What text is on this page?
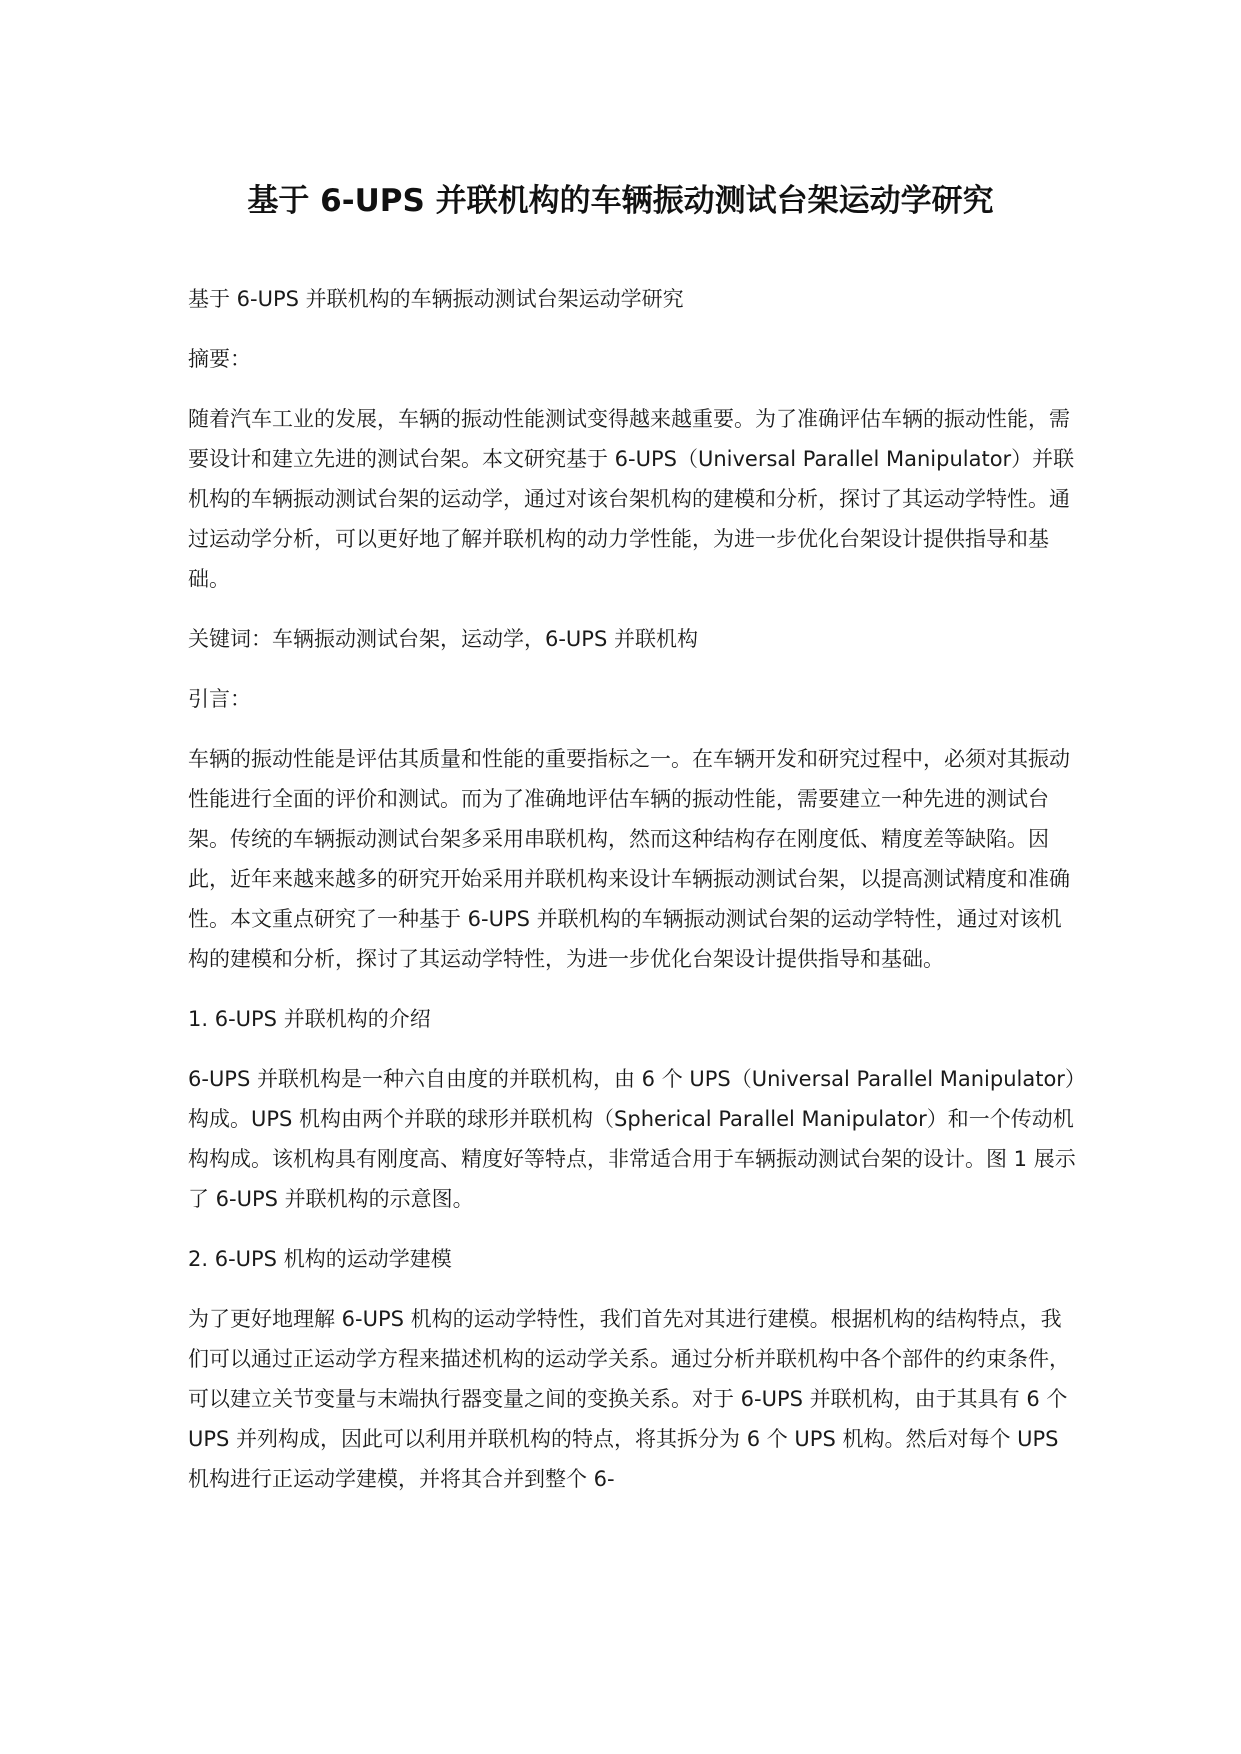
基于 6-UPS 并联机构的车辆振动测试台架运动学研究

基于 6-UPS 并联机构的车辆振动测试台架运动学研究

摘要：

随着汽车工业的发展，车辆的振动性能测试变得越来越重要。为了准确评估车辆的振动性能，需要设计和建立先进的测试台架。本文研究基于 6-UPS（Universal Parallel Manipulator）并联机构的车辆振动测试台架的运动学，通过对该台架机构的建模和分析，探讨了其运动学特性。通过运动学分析，可以更好地了解并联机构的动力学性能，为进一步优化台架设计提供指导和基础。

关键词：车辆振动测试台架，运动学，6-UPS 并联机构

引言：

车辆的振动性能是评估其质量和性能的重要指标之一。在车辆开发和研究过程中，必须对其振动性能进行全面的评价和测试。而为了准确地评估车辆的振动性能，需要建立一种先进的测试台架。传统的车辆振动测试台架多采用串联机构，然而这种结构存在刚度低、精度差等缺陷。因此，近年来越来越多的研究开始采用并联机构来设计车辆振动测试台架，以提高测试精度和准确性。本文重点研究了一种基于 6-UPS 并联机构的车辆振动测试台架的运动学特性，通过对该机构的建模和分析，探讨了其运动学特性，为进一步优化台架设计提供指导和基础。

1. 6-UPS 并联机构的介绍

6-UPS 并联机构是一种六自由度的并联机构，由 6 个 UPS（Universal Parallel Manipulator）构成。UPS 机构由两个并联的球形并联机构（Spherical Parallel Manipulator）和一个传动机构构成。该机构具有刚度高、精度好等特点，非常适合用于车辆振动测试台架的设计。图 1 展示了 6-UPS 并联机构的示意图。

2. 6-UPS 机构的运动学建模

为了更好地理解 6-UPS 机构的运动学特性，我们首先对其进行建模。根据机构的结构特点，我们可以通过正运动学方程来描述机构的运动学关系。通过分析并联机构中各个部件的约束条件，可以建立关节变量与末端执行器变量之间的变换关系。对于 6-UPS 并联机构，由于其具有 6 个 UPS 并列构成，因此可以利用并联机构的特点，将其拆分为 6 个 UPS 机构。然后对每个 UPS 机构进行正运动学建模，并将其合并到整个 6-
